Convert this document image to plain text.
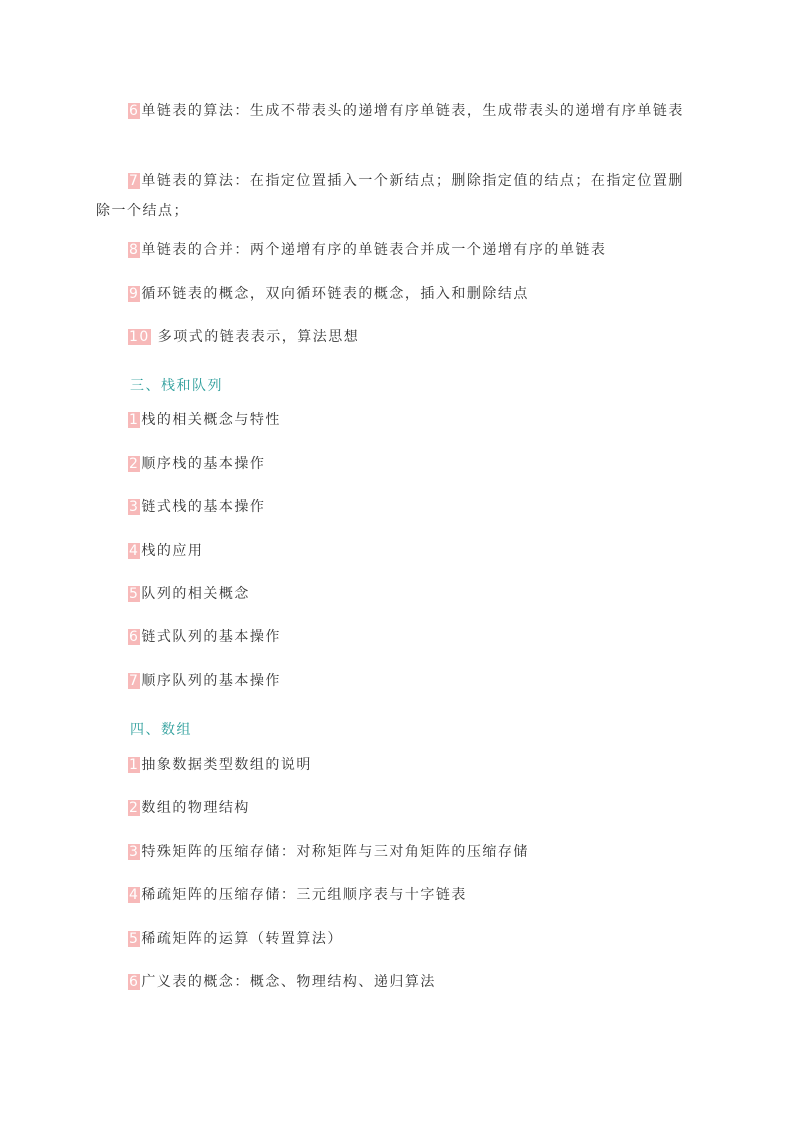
6 单链表的算法：生成不带表头的递增有序单链表，生成带表头的递增有序单链表
7 单链表的算法：在指定位置插入一个新结点；删除指定值的结点；在指定位置删除一个结点；
8 单链表的合并：两个递增有序的单链表合并成一个递增有序的单链表
9 循环链表的概念，双向循环链表的概念，插入和删除结点
10 多项式的链表表示，算法思想
三、栈和队列
1 栈的相关概念与特性
2 顺序栈的基本操作
3 链式栈的基本操作
4 栈的应用
5 队列的相关概念
6 链式队列的基本操作
7 顺序队列的基本操作
四、数组
1 抽象数据类型数组的说明
2 数组的物理结构
3 特殊矩阵的压缩存储：对称矩阵与三对角矩阵的压缩存储
4 稀疏矩阵的压缩存储：三元组顺序表与十字链表
5 稀疏矩阵的运算（转置算法）
6 广义表的概念：概念、物理结构、递归算法
